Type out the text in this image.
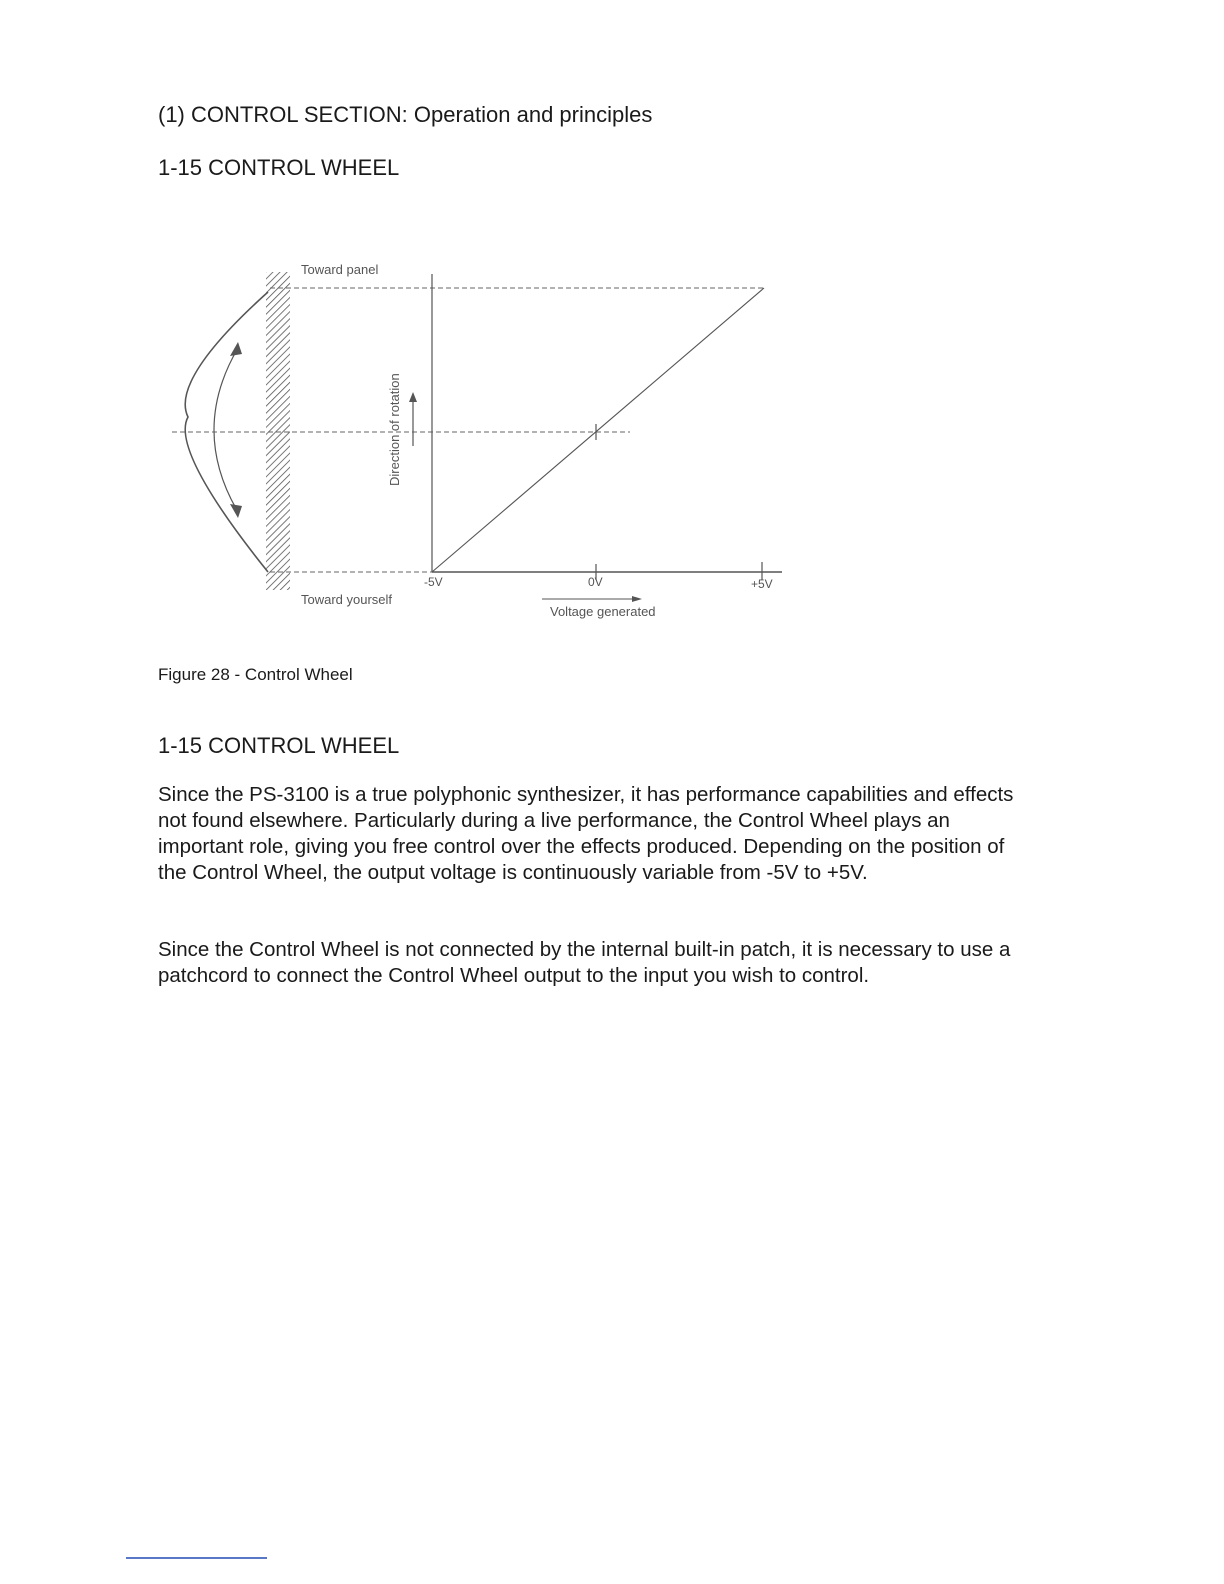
(1) CONTROL SECTION: Operation and principles
1-15 CONTROL WHEEL
Toward panel
Toward yourself
Direction of rotation
-5V	0V	+5V
Voltage generated
Figure 28 - Control Wheel
1-15 CONTROL WHEEL

Since the PS-3100 is a true polyphonic synthesizer, it has performance capabilities and effects not found elsewhere. Particularly during a live performance, the Control Wheel plays an important role, giving you free control over the effects produced. Depending on the position of the Control Wheel, the output voltage is continuously variable from -5V to +5V.

Since the Control Wheel is not connected by the internal built-in patch, it is necessary to use a patchcord to connect the Control Wheel output to the input you wish to control.
